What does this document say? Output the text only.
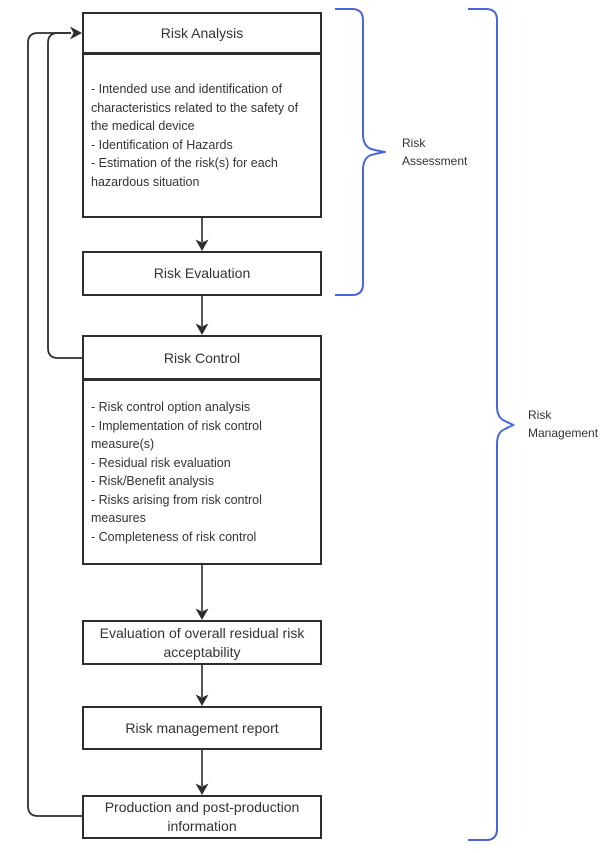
Risk Analysis
- Intended use and identification of characteristics related to the safety of the medical device
- Identification of Hazards
- Estimation of the risk(s) for each hazardous situation
Risk Evaluation
Risk Control
- Risk control option analysis
- Implementation of risk control measure(s)
- Residual risk evaluation
- Risk/Benefit analysis
- Risks arising from risk control measures
- Completeness of risk control
Evaluation of overall residual risk acceptability
Risk management report
Production and post-production information
Risk Assessment
Risk Management
